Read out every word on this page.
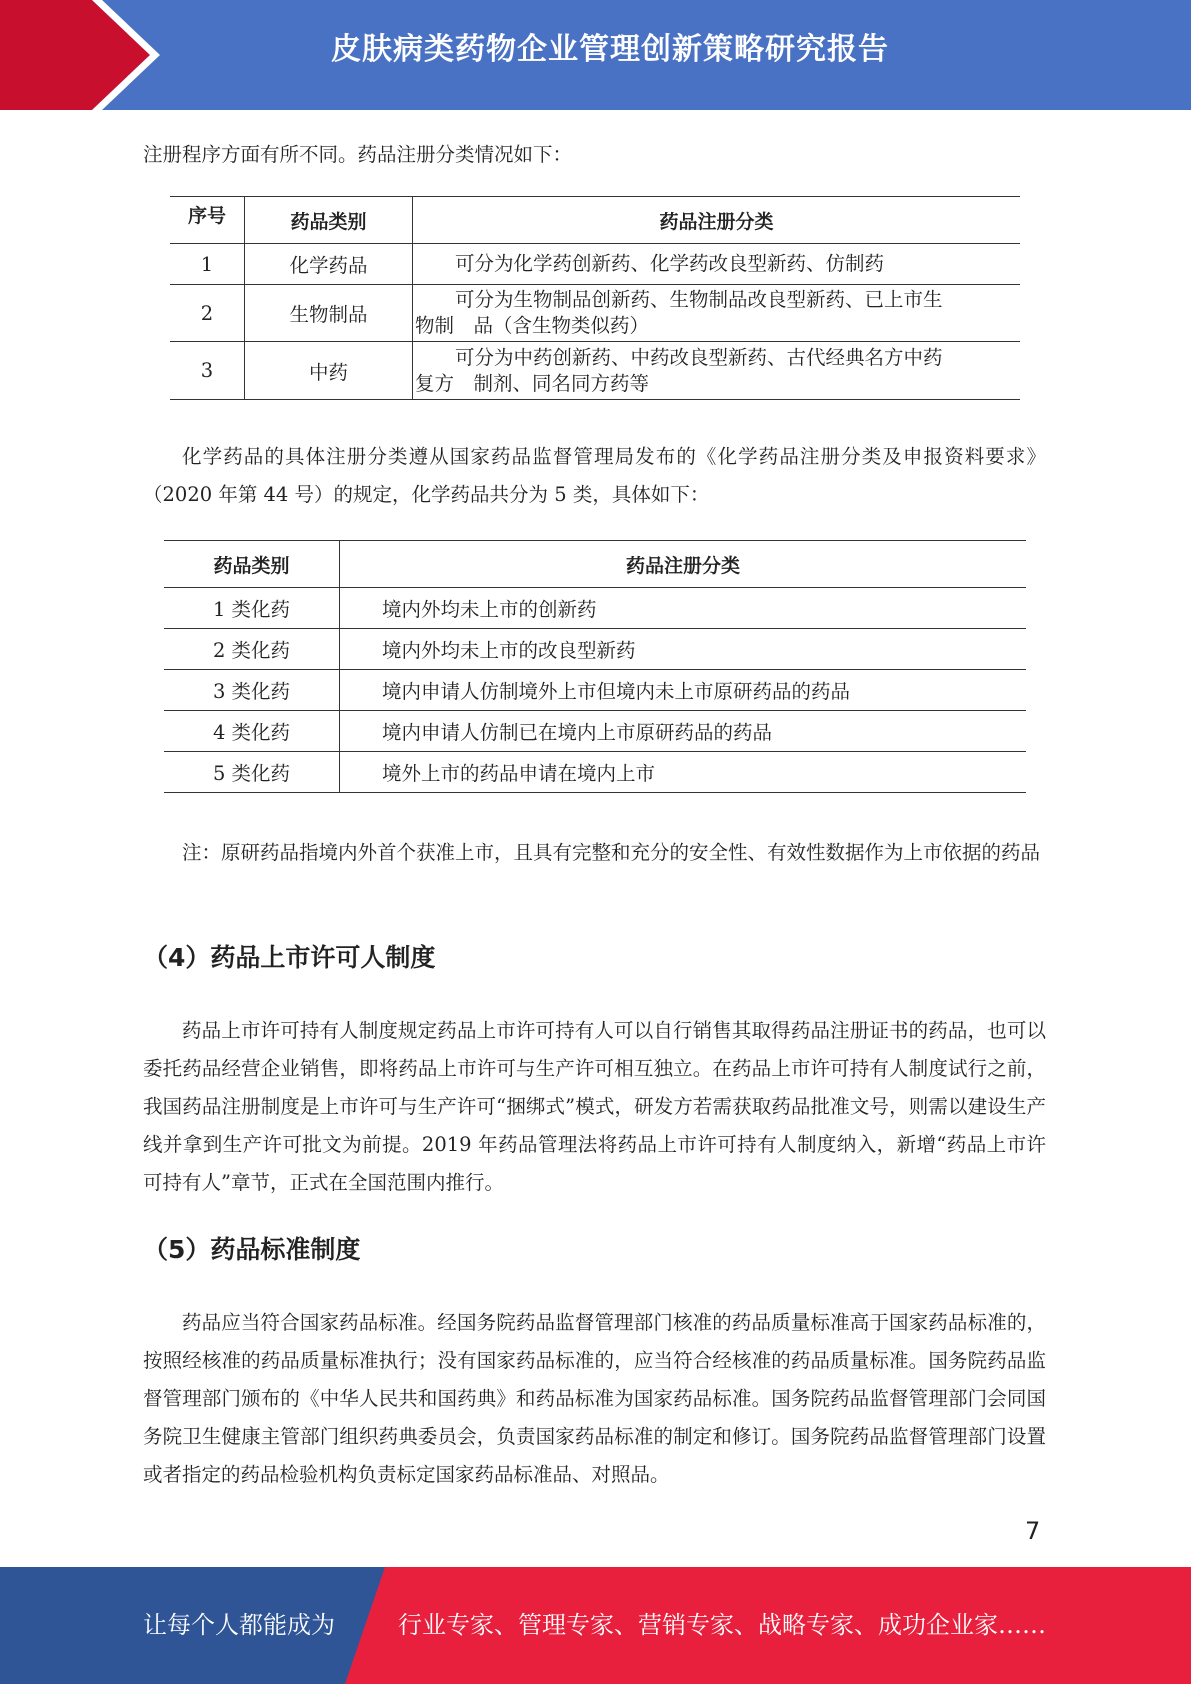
皮肤病类药物企业管理创新策略研究报告

注册程序方面有所不同。药品注册分类情况如下：

序号	药品类别	药品注册分类
1	化学药品	可分为化学药创新药、化学药改良型新药、仿制药
2	生物制品	可分为生物制品创新药、生物制品改良型新药、已上市生
物制　品（含生物类似药）

3	中药	可分为中药创新药、中药改良型新药、古代经典名方中药
复方　制剂、同名同方药等

化学药品的具体注册分类遵从国家药品监督管理局发布的《化学药品注册分类及申报资料要求》（2020 年第 44 号）的规定，化学药品共分为 5 类，具体如下：

药品类别	药品注册分类
1 类化药	境内外均未上市的创新药
2 类化药	境内外均未上市的改良型新药
3 类化药	境内申请人仿制境外上市但境内未上市原研药品的药品
4 类化药	境内申请人仿制已在境内上市原研药品的药品
5 类化药	境外上市的药品申请在境内上市

注：原研药品指境内外首个获准上市，且具有完整和充分的安全性、有效性数据作为上市依据的药品

（4）药品上市许可人制度

药品上市许可持有人制度规定药品上市许可持有人可以自行销售其取得药品注册证书的药品，也可以委托药品经营企业销售，即将药品上市许可与生产许可相互独立。在药品上市许可持有人制度试行之前，我国药品注册制度是上市许可与生产许可“捆绑式”模式，研发方若需获取药品批准文号，则需以建设生产线并拿到生产许可批文为前提。2019 年药品管理法将药品上市许可持有人制度纳入，新增“药品上市许可持有人”章节，正式在全国范围内推行。

（5）药品标准制度

药品应当符合国家药品标准。经国务院药品监督管理部门核准的药品质量标准高于国家药品标准的，按照经核准的药品质量标准执行；没有国家药品标准的，应当符合经核准的药品质量标准。国务院药品监督管理部门颁布的《中华人民共和国药典》和药品标准为国家药品标准。国务院药品监督管理部门会同国务院卫生健康主管部门组织药典委员会，负责国家药品标准的制定和修订。国务院药品监督管理部门设置或者指定的药品检验机构负责标定国家药品标准品、对照品。

7
让每个人都能成为	行业专家、管理专家、营销专家、战略专家、成功企业家……
